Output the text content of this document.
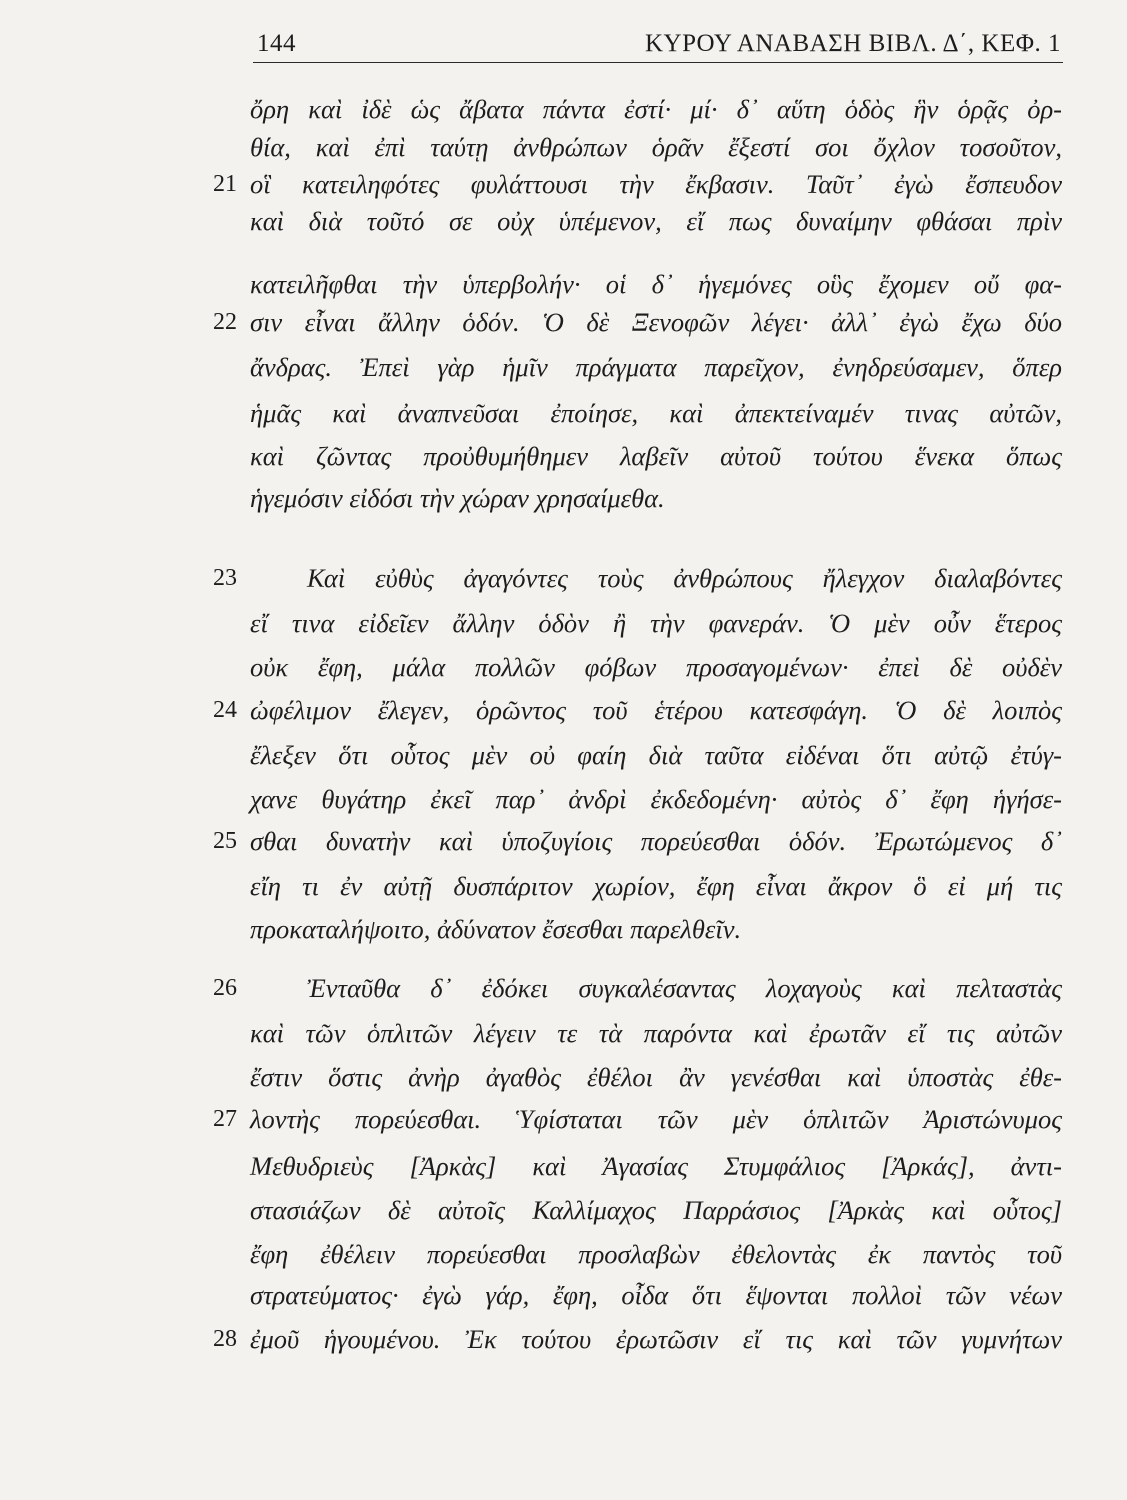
144	ΚΥΡΟΥ ΑΝΑΒΑΣΗ ΒΙΒΛ. Δ΄, ΚΕΦ. 1
21
22
23
24
25
26
27
28
ὄρη καὶ ἰδὲ ὡς ἄβατα πάντα ἐστί· μί· δ᾽ αὕτη ὁδὸς ἣν ὁρᾷς ὀρ-
θία, καὶ ἐπὶ ταύτῃ ἀνθρώπων ὁρᾶν ἔξεστί σοι ὄχλον τοσοῦτον,
οἳ κατειληφότες φυλάττουσι τὴν ἔκβασιν. Ταῦτ᾽ ἐγὼ ἔσπευδον
καὶ διὰ τοῦτό σε οὐχ ὑπέμενον, εἴ πως δυναίμην φθάσαι πρὶν
κατειλῆφθαι τὴν ὑπερβολήν· οἱ δ᾽ ἡγεμόνες οὓς ἔχομεν οὔ φα-
σιν εἶναι ἄλλην ὁδόν. Ὁ δὲ Ξενοφῶν λέγει· ἀλλ᾽ ἐγὼ ἔχω δύο
ἄνδρας. Ἐπεὶ γὰρ ἡμῖν πράγματα παρεῖχον, ἐνηδρεύσαμεν, ὅπερ
ἡμᾶς καὶ ἀναπνεῦσαι ἐποίησε, καὶ ἀπεκτείναμέν τινας αὐτῶν,
καὶ ζῶντας προὐθυμήθημεν λαβεῖν αὐτοῦ τούτου ἕνεκα ὅπως
ἡγεμόσιν εἰδόσι τὴν χώραν χρησαίμεθα.
Καὶ εὐθὺς ἀγαγόντες τοὺς ἀνθρώπους ἤλεγχον διαλαβόντες
εἴ τινα εἰδεῖεν ἄλλην ὁδὸν ἢ τὴν φανεράν. Ὁ μὲν οὖν ἕτερος
οὐκ ἔφη, μάλα πολλῶν φόβων προσαγομένων· ἐπεὶ δὲ οὐδὲν
ὠφέλιμον ἔλεγεν, ὁρῶντος τοῦ ἑτέρου κατεσφάγη. Ὁ δὲ λοιπὸς
ἔλεξεν ὅτι οὗτος μὲν οὐ φαίη διὰ ταῦτα εἰδέναι ὅτι αὐτῷ ἐτύγ-
χανε θυγάτηρ ἐκεῖ παρ᾽ ἀνδρὶ ἐκδεδομένη· αὐτὸς δ᾽ ἔφη ἡγήσε-
σθαι δυνατὴν καὶ ὑποζυγίοις πορεύεσθαι ὁδόν. Ἐρωτώμενος δ᾽
εἴη τι ἐν αὐτῇ δυσπάριτον χωρίον, ἔφη εἶναι ἄκρον ὃ εἰ μή τις
προκαταλήψοιτο, ἀδύνατον ἔσεσθαι παρελθεῖν.
Ἐνταῦθα δ᾽ ἐδόκει συγκαλέσαντας λοχαγοὺς καὶ πελταστὰς
καὶ τῶν ὁπλιτῶν λέγειν τε τὰ παρόντα καὶ ἐρωτᾶν εἴ τις αὐτῶν
ἔστιν ὅστις ἀνὴρ ἀγαθὸς ἐθέλοι ἂν γενέσθαι καὶ ὑποστὰς ἐθε-
λοντὴς πορεύεσθαι. Ὑφίσταται τῶν μὲν ὁπλιτῶν Ἀριστώνυμος
Μεθυδριεὺς [Ἀρκὰς] καὶ Ἀγασίας Στυμφάλιος [Ἀρκάς], ἀντι-
στασιάζων δὲ αὐτοῖς Καλλίμαχος Παρράσιος [Ἀρκὰς καὶ οὗτος]
ἔφη ἐθέλειν πορεύεσθαι προσλαβὼν ἐθελοντὰς ἐκ παντὸς τοῦ
στρατεύματος· ἐγὼ γάρ, ἔφη, οἶδα ὅτι ἕψονται πολλοὶ τῶν νέων
ἐμοῦ ἡγουμένου. Ἐκ τούτου ἐρωτῶσιν εἴ τις καὶ τῶν γυμνήτων
